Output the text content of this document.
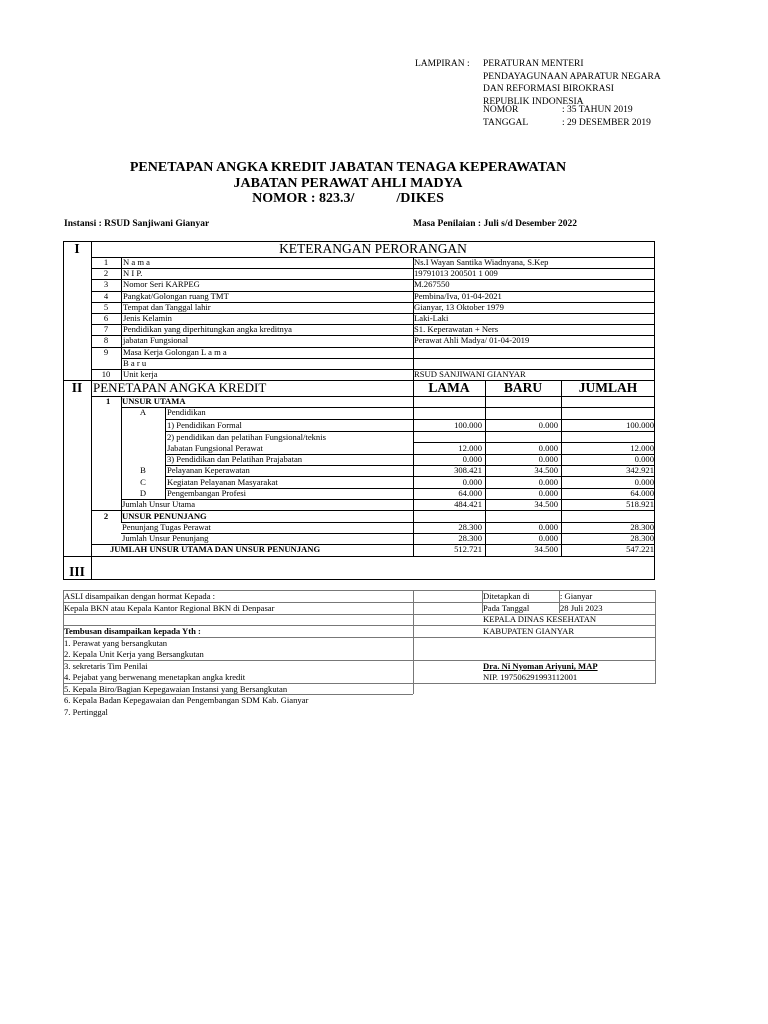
LAMPIRAN : PERATURAN MENTERI
PENDAYAGUNAAN APARATUR NEGARA
DAN REFORMASI BIROKRASI
REPUBLIK INDONESIA
NOMOR	: 35 TAHUN 2019
TANGGAL	: 29 DESEMBER 2019
PENETAPAN ANGKA KREDIT JABATAN TENAGA KEPERAWATAN
JABATAN PERAWAT AHLI MADYA
NOMOR : 823.3/            /DIKES
Instansi : RSUD Sanjiwani Gianyar	Masa Penilaian : Juli s/d Desember 2022
I	KETERANGAN PERORANGAN
1	N a m a	Ns.I Wayan Santika Wiadnyana, S.Kep
2	N I P.	19791013 200501 1 009
3	Nomor Seri KARPEG	M.267550
4	Pangkat/Golongan ruang TMT	Pembina/Iva, 01-04-2021
5	Tempat dan Tanggal lahir	Gianyar, 13 Oktober 1979
6	Jenis Kelamin	Laki-Laki
7	Pendidikan yang diperhitungkan angka kreditnya	S1. Keperawatan + Ners
8	jabatan Fungsional	Perawat Ahli Madya/ 01-04-2019
9	Masa Kerja Golongan L a m a
B a r u
10	Unit kerja	RSUD SANJIWANI GIANYAR
II PENETAPAN ANGKA KREDIT	LAMA	BARU	JUMLAH
1 UNSUR UTAMA
A	Pendidikan
1) Pendidikan Formal	100.000	0.000	100.000
2) pendidikan dan pelatihan Fungsional/teknis
Jabatan Fungsional Perawat	12.000	0.000	12.000
3) Pendidikan dan Pelatihan Prajabatan	0.000	0.000	0.000
B	Pelayanan Keperawatan	308.421	34.500	342.921
C	Kegiatan Pelayanan Masyarakat	0.000	0.000	0.000
D	Pengembangan Profesi	64.000	0.000	64.000
Jumlah Unsur Utama	484.421	34.500	518.921
2	UNSUR PENUNJANG
Penunjang Tugas Perawat	28.300	0.000	28.300
Jumlah Unsur Penunjang	28.300	0.000	28.300
JUMLAH UNSUR UTAMA DAN UNSUR PENUNJANG	512.721	34.500	547.221
III
ASLI disampaikan dengan hormat Kepada :
Kepala BKN atau Kepala Kantor Regional BKN di Denpasar
Tembusan disampaikan kepada Yth :
1. Perawat yang bersangkutan
2. Kepala Unit Kerja yang Bersangkutan
3. sekretaris Tim Penilai
4. Pejabat yang berwenang menetapkan angka kredit
5. Kepala Biro/Bagian Kepegawaian Instansi yang Bersangkutan
6. Kepala Badan Kepegawaian dan Pengembangan SDM Kab. Gianyar
7. Pertinggal
Ditetapkan di	: Gianyar
Pada Tanggal	28 Juli 2023
KEPALA DINAS KESEHATAN
KABUPATEN GIANYAR
Dra. Ni Nyoman Ariyuni, MAP
NIP. 197506291993112001
